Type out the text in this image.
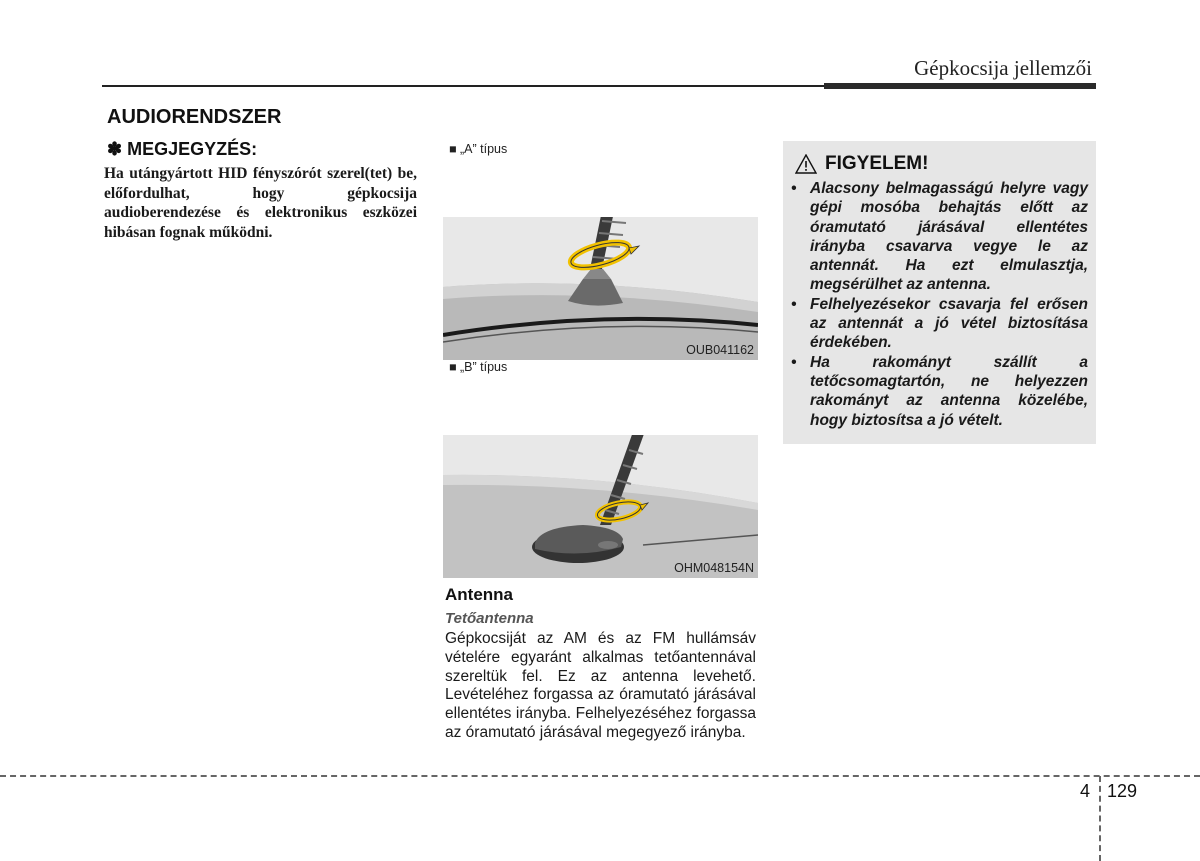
Gépkocsija jellemzői
AUDIORENDSZER
✽ MEGJEGYZÉS:
Ha utángyártott HID fényszórót szerel(tet) be, előfordulhat, hogy gépkocsija audioberendezése és elektronikus eszközei hibásan fognak működni.
■ „A” típus
OUB041162
■ „B” típus
OHM048154N
Antenna
Tetőantenna
Gépkocsiját az AM és az FM hullámsáv vételére egyaránt alkalmas tetőantennával szereltük fel. Ez az antenna levehető. Levételéhez forgassa az óramutató járásával ellentétes irányba. Felhelyezéséhez forgassa az óramutató járásával megegyező irányba.
FIGYELEM!
• Alacsony belmagasságú helyre vagy gépi mosóba behajtás előtt az óramutató járásával ellentétes irányba csavarva vegye le az antennát. Ha ezt elmulasztja, megsérülhet az antenna.
• Felhelyezésekor csavarja fel erősen az antennát a jó vétel biztosítása érdekében.
• Ha rakományt szállít a tetőcsomagtartón, ne helyezzen rakományt az antenna közelébe, hogy biztosítsa a jó vételt.
4 129
